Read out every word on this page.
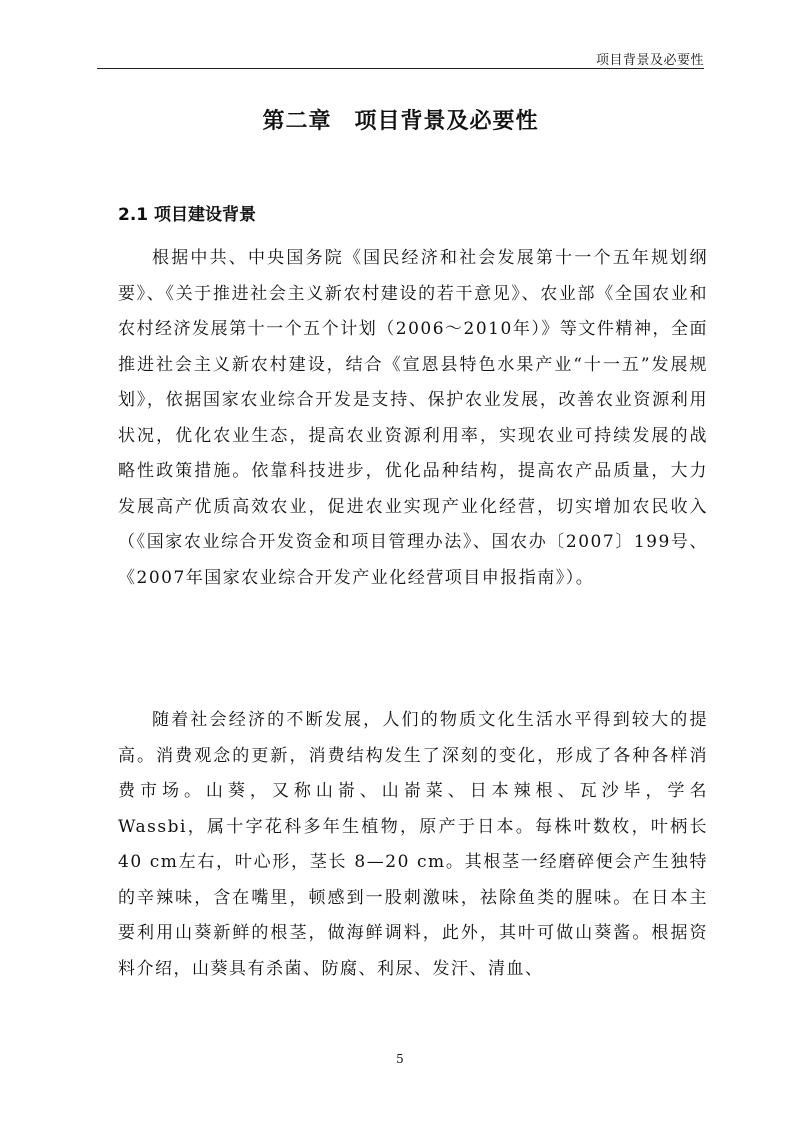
项目背景及必要性
第二章　项目背景及必要性
2.1 项目建设背景

根据中共、中央国务院《国民经济和社会发展第十一个五年规划纲要》、《关于推进社会主义新农村建设的若干意见》、农业部《全国农业和农村经济发展第十一个五个计划（2006～2010年）》等文件精神，全面推进社会主义新农村建设，结合《宣恩县特色水果产业“十一五”发展规划》，依据国家农业综合开发是支持、保护农业发展，改善农业资源利用状况，优化农业生态，提高农业资源利用率，实现农业可持续发展的战略性政策措施。依靠科技进步，优化品种结构，提高农产品质量，大力发展高产优质高效农业，促进农业实现产业化经营，切实增加农民收入（《国家农业综合开发资金和项目管理办法》、国农办〔2007〕199号、《2007年国家农业综合开发产业化经营项目申报指南》）。

随着社会经济的不断发展，人们的物质文化生活水平得到较大的提高。消费观念的更新，消费结构发生了深刻的变化，形成了各种各样消费市场。山葵，又称山嵛、山嵛菜、日本辣根、瓦沙毕，学名 Wassbi，属十字花科多年生植物，原产于日本。每株叶数枚，叶柄长 40 cm左右，叶心形，茎长 8—20 cm。其根茎一经磨碎便会产生独特的辛辣味，含在嘴里，顿感到一股刺激味，祛除鱼类的腥味。在日本主要利用山葵新鲜的根茎，做海鲜调料，此外，其叶可做山葵酱。根据资料介绍，山葵具有杀菌、防腐、利尿、发汗、清血、

5
